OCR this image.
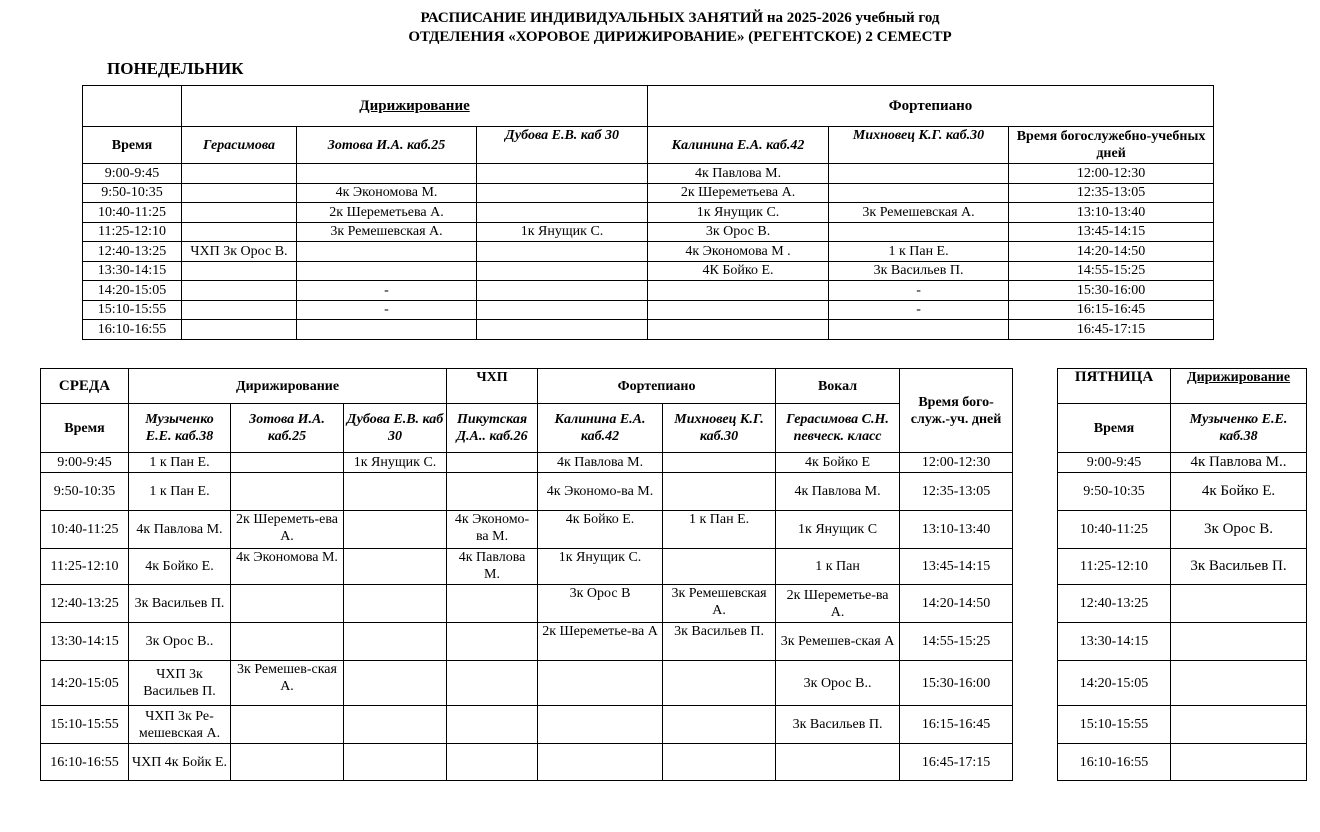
РАСПИСАНИЕ ИНДИВИДУАЛЬНЫХ ЗАНЯТИЙ на 2025-2026 учебный год
ОТДЕЛЕНИЯ «ХОРОВОЕ ДИРИЖИРОВАНИЕ» (РЕГЕНТСКОЕ) 2 СЕМЕСТР
ПОНЕДЕЛЬНИК
	Дирижирование			Фортепиано		
Время	Герасимова	Зотова И.А. каб.25	Дубова Е.В. каб 30	Калинина Е.А. каб.42	Михновец К.Г. каб.30	Время богослужебно-учебных дней
9:00-9:45				4к Павлова М.		12:00-12:30
9:50-10:35		4к Экономова М.		2к Шереметьева А.		12:35-13:05
10:40-11:25		2к Шереметьева А.		1к Янущик С.	3к Ремешевская А.	13:10-13:40
11:25-12:10		3к Ремешевская А.	1к Янущик С.	3к Орос В.		13:45-14:15
12:40-13:25	ЧХП 3к Орос В.			4к Экономова М .	1 к Пан Е.	14:20-14:50
13:30-14:15				4К Бойко Е.	3к Васильев П.	14:55-15:25
14:20-15:05		-			-	15:30-16:00
15:10-15:55		-			-	16:15-16:45
16:10-16:55						16:45-17:15
СРЕДА	Дирижирование			ЧХП	Фортепиано		Вокал	Время бого-служ.-уч. дней
Время	Музыченко Е.Е. каб.38	Зотова И.А. каб.25	Дубова Е.В. каб 30	Пикутская Д.А.. каб.26	Калинина Е.А. каб.42	Михновец К.Г. каб.30	Герасимова С.Н. певческ. класс	
9:00-9:45	1 к Пан Е.		1к Янущик С.		4к Павлова М.		4к Бойко Е	12:00-12:30
9:50-10:35	1 к Пан Е.				4к Экономо-ва М.		4к Павлова М.	12:35-13:05
10:40-11:25	4к Павлова М.	2к Шереметь-ева А.		4к Экономо-ва М.	4к Бойко Е.	1 к Пан Е.	1к Янущик С	13:10-13:40
11:25-12:10	4к Бойко Е.	4к Экономова М.		4к Павлова М.	1к Янущик С.		1 к Пан	13:45-14:15
12:40-13:25	3к Васильев П.				3к Орос В	3к Ремешевская А.	2к Шереметье-ва А.	14:20-14:50
13:30-14:15	3к Орос В..				2к Шереметье-ва А	3к Васильев П.	3к Ремешев-ская А	14:55-15:25
14:20-15:05	ЧХП 3к Васильев П.	3к Ремешев-ская А.					3к Орос В..	15:30-16:00
15:10-15:55	ЧХП 3к Ре-мешевская А.						3к Васильев П.	16:15-16:45
16:10-16:55	ЧХП 4к Бойк Е.							16:45-17:15
ПЯТНИЦА	Дирижирование
Время	Музыченко Е.Е. каб.38
9:00-9:45	4к Павлова М..
9:50-10:35	4к Бойко Е.
10:40-11:25	3к Орос В.
11:25-12:10	3к Васильев П.
12:40-13:25	
13:30-14:15	
14:20-15:05	
15:10-15:55	
16:10-16:55	
